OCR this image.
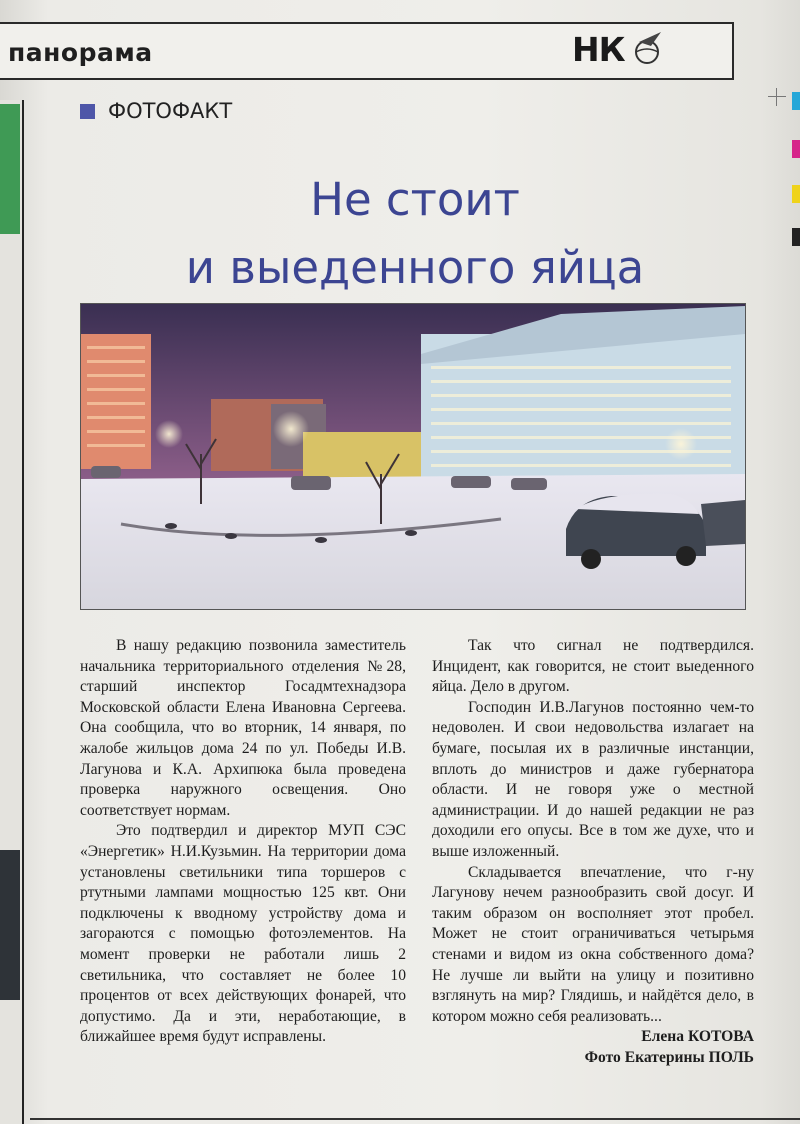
панорама	НК
ФОТОФАКТ
Не стоит
и выеденного яйца

В нашу редакцию позвонила заместитель начальника территориального отделения №28, старший инспектор Госадмтехнадзора Московской области Елена Ивановна Сергеева. Она сообщила, что во вторник, 14 января, по жалобе жильцов дома 24 по ул. Победы И.В. Лагунова и К.А. Архипюка была проведена проверка наружного освещения. Оно соответствует нормам.

Это подтвердил и директор МУП СЭС «Энергетик» Н.И.Кузьмин. На территории дома установлены светильники типа торшеров с ртутными лампами мощностью 125 квт. Они подключены к вводному устройству дома и загораются с помощью фотоэлементов. На момент проверки не работали лишь 2 светильника, что составляет не более 10 процентов от всех действующих фонарей, что допустимо. Да и эти, неработающие, в ближайшее время будут исправлены.

Так что сигнал не подтвердился. Инцидент, как говорится, не стоит выеденного яйца. Дело в другом.

Господин И.В.Лагунов постоянно чем-то недоволен. И свои недовольства излагает на бумаге, посылая их в различные инстанции, вплоть до министров и даже губернатора области. И не говоря уже о местной администрации. И до нашей редакции не раз доходили его опусы. Все в том же духе, что и выше изложенный.

Складывается впечатление, что г-ну Лагунову нечем разнообразить свой досуг. И таким образом он восполняет этот пробел. Может не стоит ограничиваться четырьмя стенами и видом из окна собственного дома? Не лучше ли выйти на улицу и позитивно взглянуть на мир? Глядишь, и найдётся дело, в котором можно себя реализовать...

Елена КОТОВА

Фото Екатерины ПОЛЬ
